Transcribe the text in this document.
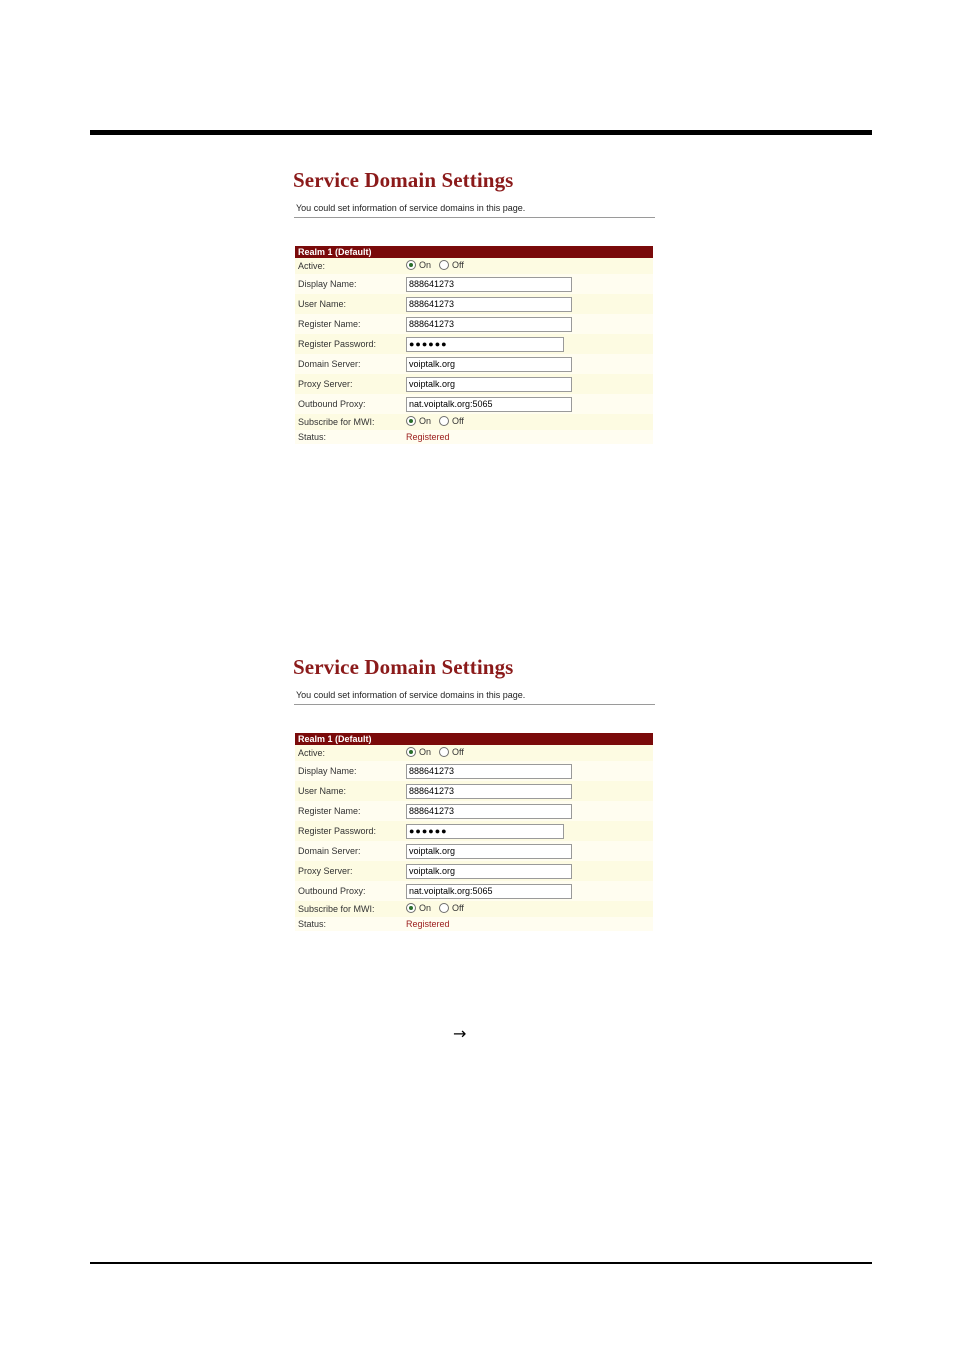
Service Domain Settings
You could set information of service domains in this page.
Realm 1 (Default)	
Active:	On Off

Display Name:	888641273
User Name:	888641273
Register Name:	888641273
Register Password:	●●●●●●
Domain Server:	voiptalk.org
Proxy Server:	voiptalk.org
Outbound Proxy:	nat.voiptalk.org:5065
Subscribe for MWI:	On Off

Status:	Registered
Service Domain Settings
You could set information of service domains in this page.
Realm 1 (Default)	
Active:	On Off

Display Name:	888641273
User Name:	888641273
Register Name:	888641273
Register Password:	●●●●●●
Domain Server:	voiptalk.org
Proxy Server:	voiptalk.org
Outbound Proxy:	nat.voiptalk.org:5065
Subscribe for MWI:	On Off

Status:	Registered
→
